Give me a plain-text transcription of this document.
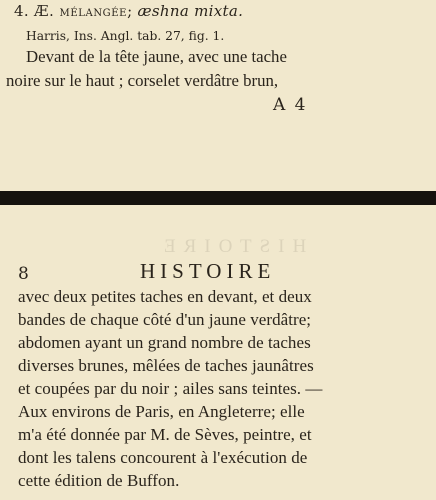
4. Æ. mélangée; æshna mixta.
Harris, Ins. Angl. tab. 27, fig. 1.
Devant de la tête jaune, avec une tache
noire sur le haut ; corselet verdâtre brun,
A 4
HISTOIRE
8	HISTOIRE
avec deux petites taches en devant, et deux
bandes de chaque côté d'un jaune verdâtre;
abdomen ayant un grand nombre de taches
diverses brunes, mêlées de taches jaunâtres
et coupées par du noir ; ailes sans teintes. —
Aux environs de Paris, en Angleterre; elle
m'a été donnée par M. de Sèves, peintre, et
dont les talens concourent à l'exécution de
cette édition de Buffon.
